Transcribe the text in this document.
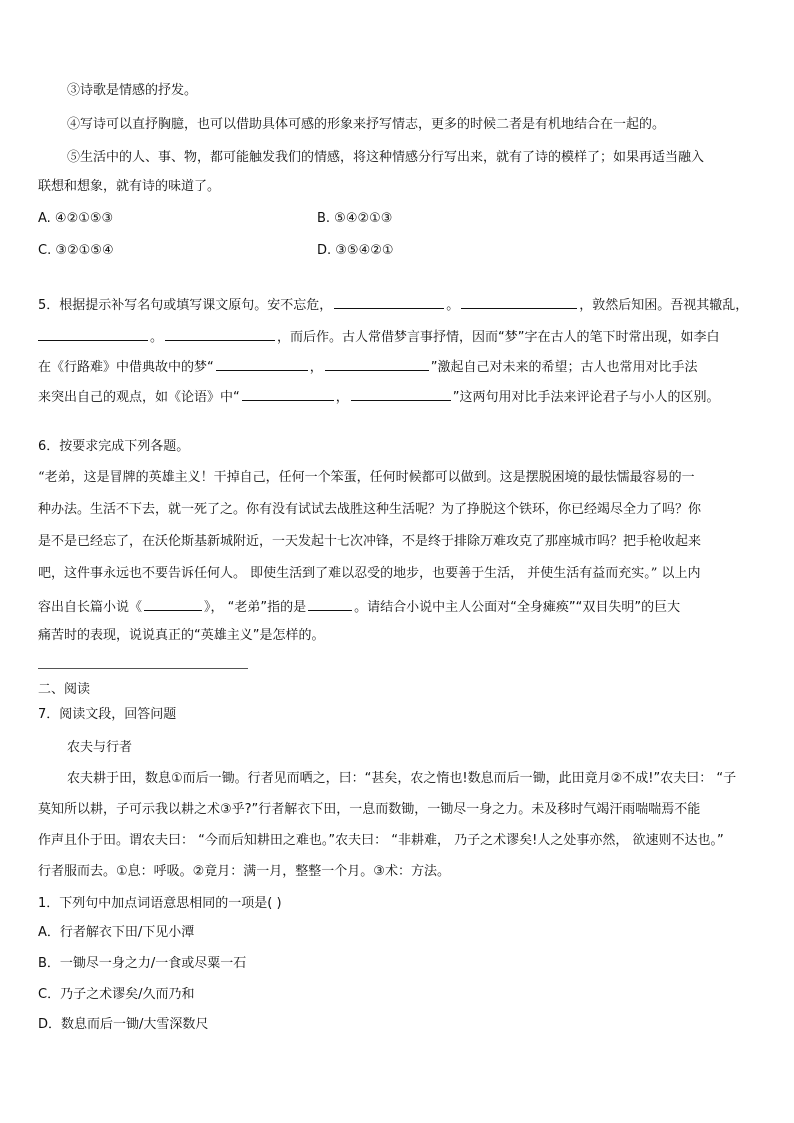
③诗歌是情感的抒发。
④写诗可以直抒胸臆，也可以借助具体可感的形象来抒写情志，更多的时候二者是有机地结合在一起的。
⑤生活中的人、事、物，都可能触发我们的情感，将这种情感分行写出来，就有了诗的模样了；如果再适当融入
联想和想象，就有诗的味道了。
A. ④②①⑤③	B. ⑤④②①③
C. ③②①⑤④	D. ③⑤④②①
5．根据提示补写名句或填写课文原句。安不忘危，	。	，敦然后知困。吾视其辙乱，
。	，而后作。古人常借梦言事抒情，因而“梦”字在古人的笔下时常出现，如李白
在《行路难》中借典故中的梦“	，	”激起自己对未来的希望；古人也常用对比手法
来突出自己的观点，如《论语》中“	，	”这两句用对比手法来评论君子与小人的区别。
6．按要求完成下列各题。
“老弟，这是冒牌的英雄主义！干掉自己，任何一个笨蛋，任何时候都可以做到。这是摆脱困境的最怯懦最容易的一
种办法。生活不下去，就一死了之。你有没有试试去战胜这种生活呢？为了挣脱这个铁环，你已经竭尽全力了吗？你
是不是已经忘了，在沃伦斯基新城附近，一天发起十七次冲锋，不是终于排除万难攻克了那座城市吗？把手枪收起来
吧，这件事永远也不要告诉任何人。 即使生活到了难以忍受的地步，也要善于生活， 并使生活有益而充实。” 以上内
容出自长篇小说《	》， “老弟”指的是	。请结合小说中主人公面对“全身瘫痪”“双目失明”的巨大
痛苦时的表现，说说真正的“英雄主义”是怎样的。
二、阅读
7．阅读文段，回答问题
农夫与行者
农夫耕于田，数息①而后一锄。行者见而哂之，曰：“甚矣，农之惰也!数息而后一锄，此田竟月②不成!”农夫曰： “子
莫知所以耕，子可示我以耕之术③乎?”行者解衣下田，一息而数锄，一锄尽一身之力。未及移时气竭汗雨喘喘焉不能
作声且仆于田。谓农夫曰： “今而后知耕田之难也。”农夫曰： “非耕难， 乃子之术谬矣!人之处事亦然， 欲速则不达也。”
行者服而去。①息：呼吸。②竟月：满一月，整整一个月。③术：方法。
1．下列句中加点词语意思相同的一项是( )
A．行者解衣下田/下见小潭
B．一锄尽一身之力/一食或尽粟一石
C．乃子之术谬矣/久而乃和
D．数息而后一锄/大雪深数尺
